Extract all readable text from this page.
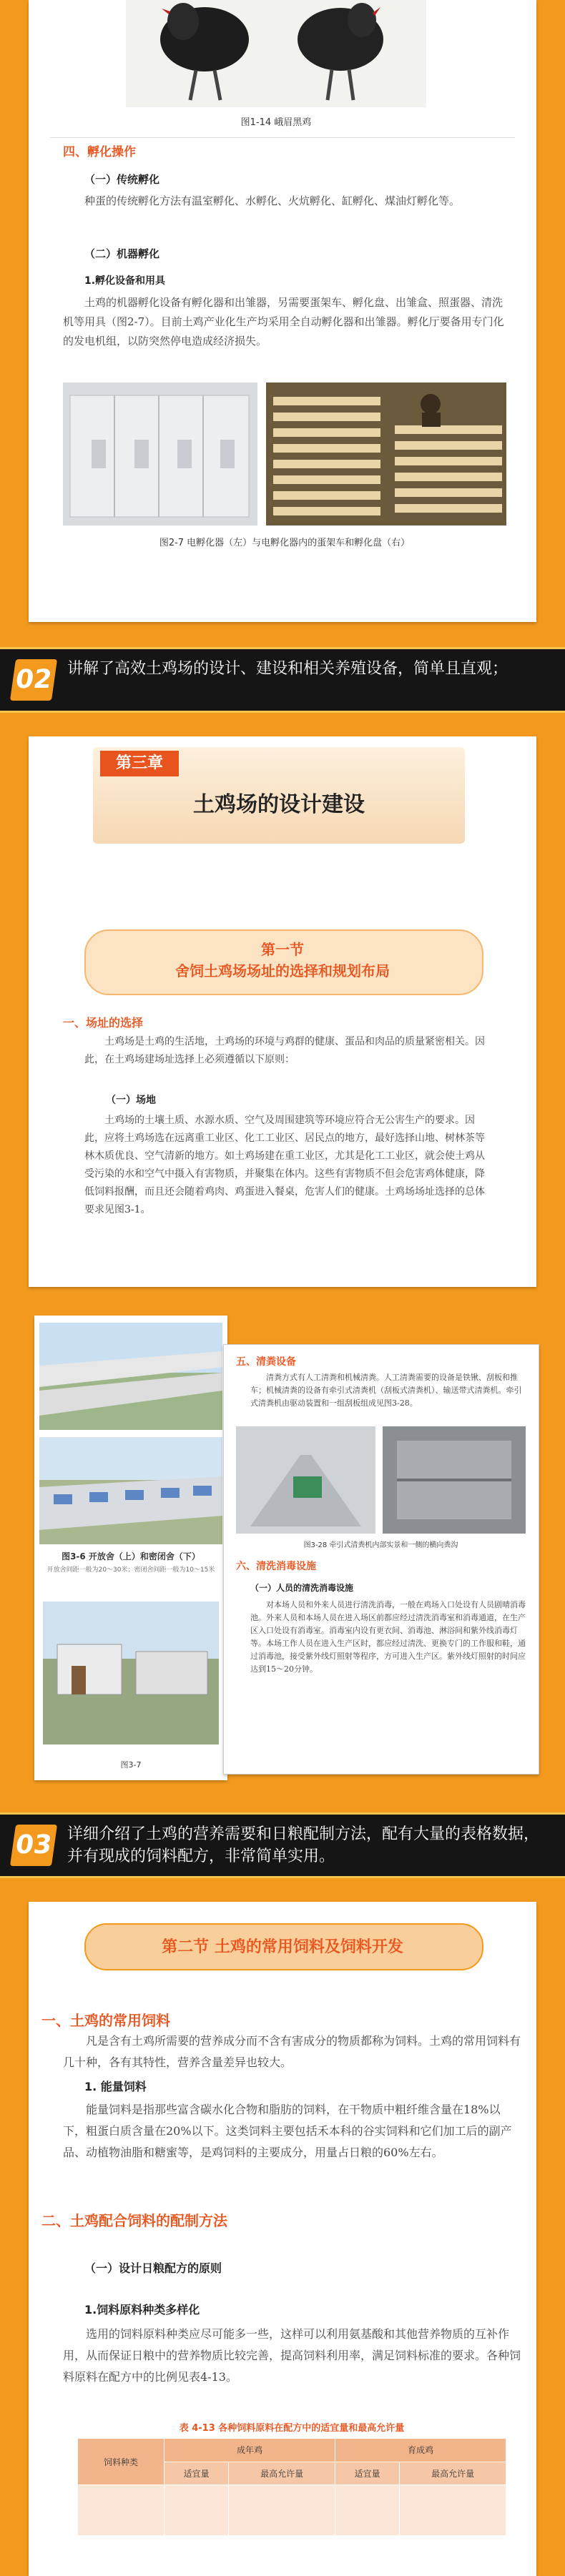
图1-14 峨眉黑鸡
四、孵化操作
（一）传统孵化

种蛋的传统孵化方法有温室孵化、水孵化、火炕孵化、缸孵化、煤油灯孵化等。

（二）机器孵化
1.孵化设备和用具

土鸡的机器孵化设备有孵化器和出雏器，另需要蛋架车、孵化盘、出雏盒、照蛋器、清洗机等用具（图2-7）。目前土鸡产业化生产均采用全自动孵化器和出雏器。孵化厅要备用专门化的发电机组，以防突然停电造成经济损失。

图2-7 电孵化器（左）与电孵化器内的蛋架车和孵化盘（右）
02 讲解了高效土鸡场的设计、建设和相关养殖设备，简单且直观；
第三章
土鸡场的设计建设
第一节
舍饲土鸡场场址的选择和规划布局
一、场址的选择

土鸡场是土鸡的生活地，土鸡场的环境与鸡群的健康、蛋品和肉品的质量紧密相关。因此，在土鸡场建场址选择上必须遵循以下原则：

（一）场地

土鸡场的土壤土质、水源水质、空气及周围建筑等环境应符合无公害生产的要求。因此，应将土鸡场选在远离重工业区、化工工业区、居民点的地方，最好选择山地、树林茶等林木质优良、空气清新的地方。如土鸡场建在重工业区，尤其是化工工业区，就会使土鸡从受污染的水和空气中摄入有害物质，并聚集在体内。这些有害物质不但会危害鸡体健康，降低饲料报酬，而且还会随着鸡肉、鸡蛋进入餐桌，危害人们的健康。土鸡场场址选择的总体要求见图3-1。

图3-6 开放舍（上）和密闭舍（下）
开放舍间距一般为20～30米；密闭舍间距一般为10～15米
图3-7
五、清粪设备

清粪方式有人工清粪和机械清粪。人工清粪需要的设备是铁锹、刮板和推车；机械清粪的设备有牵引式清粪机（刮板式清粪机）、输送带式清粪机。牵引式清粪机由驱动装置和一组刮板组成见图3-28。

图3-28 牵引式清粪机内部实景和一侧的横向粪沟
六、清洗消毒设施
（一）人员的清洗消毒设施

对本场人员和外来人员进行清洗消毒，一般在鸡场入口处设有人员剧晴消毒池。外来人员和本场人员在进入场区前都应经过清洗消毒室和消毒通道，在生产区入口处设有消毒室。消毒室内设有更衣间、消毒池、淋浴间和紫外线消毒灯等。本场工作人员在进入生产区时，都应经过清洗、更换专门的工作服和鞋，通过消毒池，接受紫外线灯照射等程序，方可进入生产区。紫外线灯照射的时间应达到15～20分钟。

03 详细介绍了土鸡的营养需要和日粮配制方法，配有大量的表格数据，并有现成的饲料配方，非常简单实用。
第二节 土鸡的常用饲料及饲料开发
一、土鸡的常用饲料

凡是含有土鸡所需要的营养成分而不含有害成分的物质都称为饲料。土鸡的常用饲料有几十种，各有其特性，营养含量差异也较大。

1. 能量饲料

能量饲料是指那些富含碳水化合物和脂肪的饲料，在干物质中粗纤维含量在18%以下，粗蛋白质含量在20%以下。这类饲料主要包括禾本科的谷实饲料和它们加工后的副产品、动植物油脂和糖蜜等，是鸡饲料的主要成分，用量占日粮的60%左右。

二、土鸡配合饲料的配制方法
（一）设计日粮配方的原则
1.饲料原料种类多样化

选用的饲料原料种类应尽可能多一些，这样可以利用氨基酸和其他营养物质的互补作用，从而保证日粮中的营养物质比较完善，提高饲料利用率，满足饲料标准的要求。各种饲料原料在配方中的比例见表4-13。

表 4-13 各种饲料原料在配方中的适宜量和最高允许量
饲料种类	成年鸡		育成鸡	
	适宜量	最高允许量	适宜量	最高允许量
